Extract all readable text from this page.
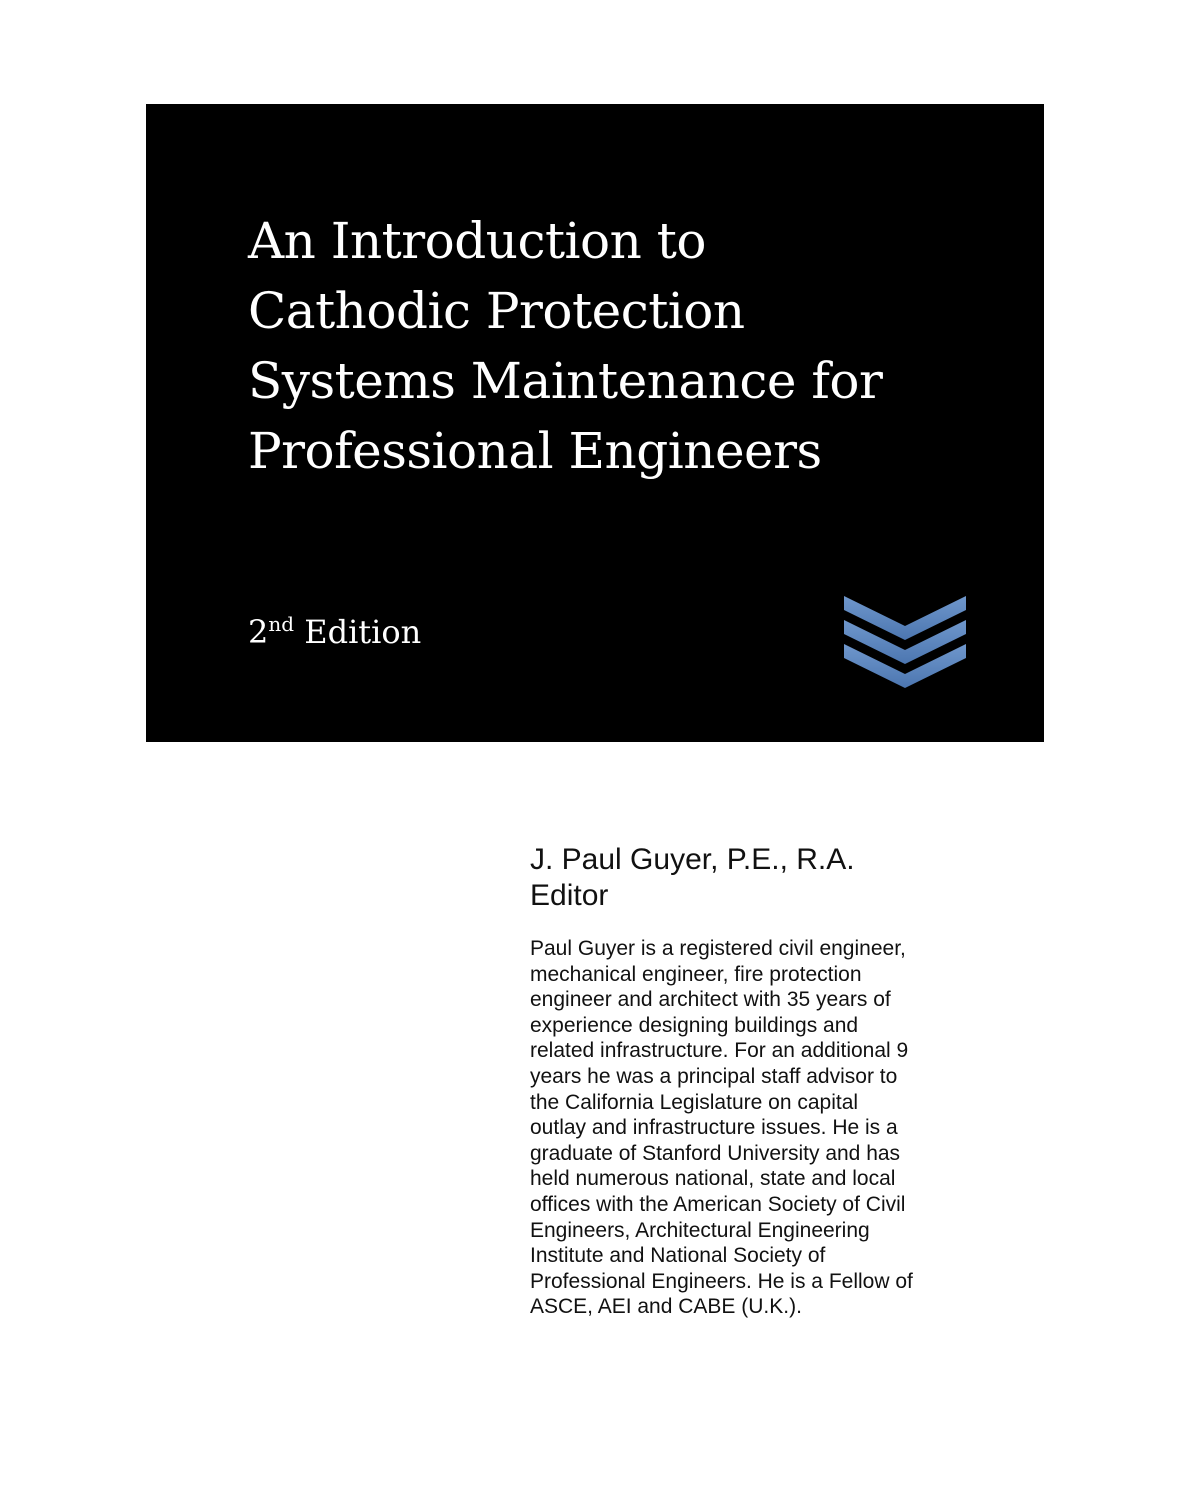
An Introduction to
Cathodic Protection
Systems Maintenance for
Professional Engineers
2nd Edition
J. Paul Guyer, P.E., R.A.
Editor
Paul Guyer is a registered civil engineer,
mechanical engineer, fire protection
engineer and architect with 35 years of
experience designing buildings and
related infrastructure. For an additional 9
years he was a principal staff advisor to
the California Legislature on capital
outlay and infrastructure issues. He is a
graduate of Stanford University and has
held numerous national, state and local
offices with the American Society of Civil
Engineers, Architectural Engineering
Institute and National Society of
Professional Engineers. He is a Fellow of
ASCE, AEI and CABE (U.K.).
